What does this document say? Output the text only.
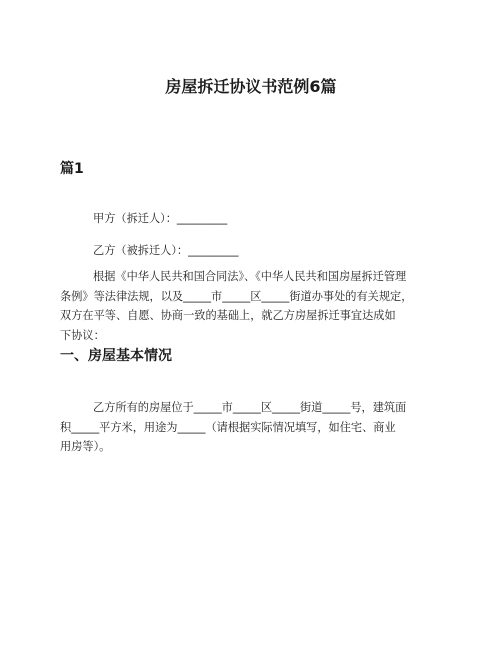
房屋拆迁协议书范例6篇
篇1
甲方（拆迁人）：_________
乙方（被拆迁人）：_________
根据《中华人民共和国合同法》、《中华人民共和国房屋拆迁管理
条例》等法律法规，以及_____市_____区_____街道办事处的有关规定，
双方在平等、自愿、协商一致的基础上，就乙方房屋拆迁事宜达成如
下协议：
一、房屋基本情况
乙方所有的房屋位于_____市_____区_____街道_____号，建筑面
积_____平方米，用途为_____（请根据实际情况填写，如住宅、商业
用房等）。
